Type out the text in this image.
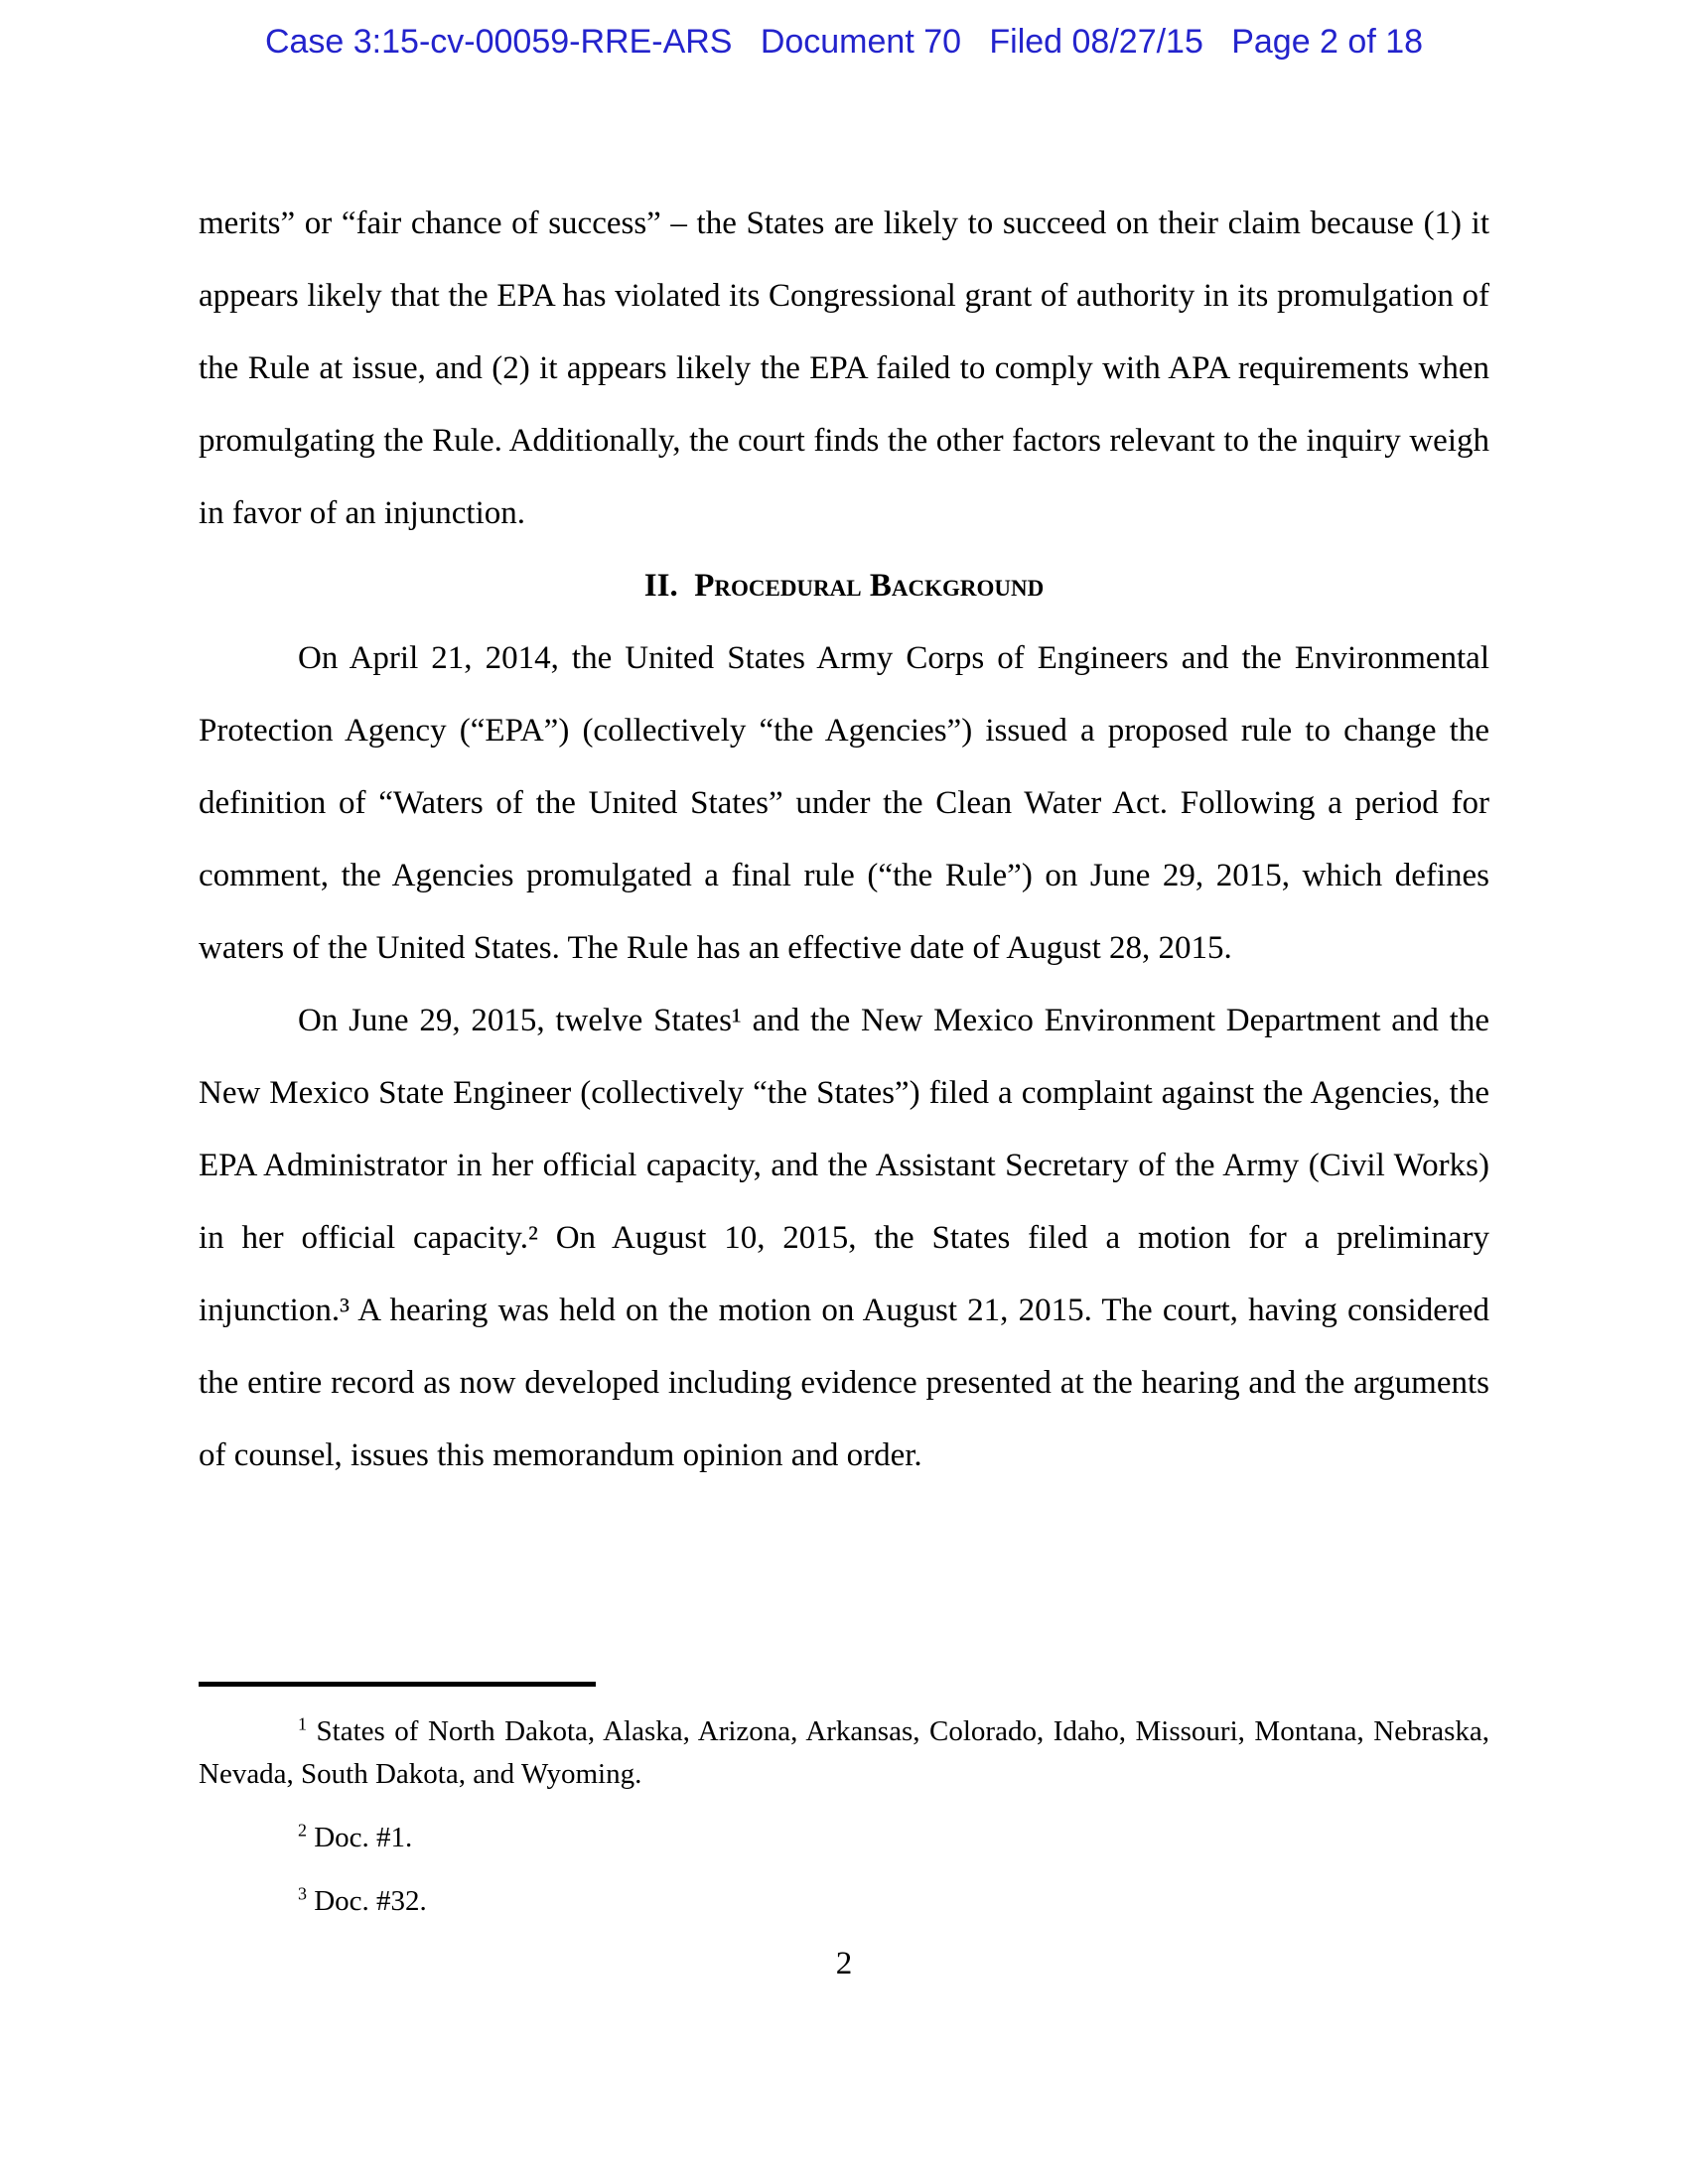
Case 3:15-cv-00059-RRE-ARS   Document 70   Filed 08/27/15   Page 2 of 18

merits” or “fair chance of success” – the States are likely to succeed on their claim because (1) it appears likely that the EPA has violated its Congressional grant of authority in its promulgation of the Rule at issue, and (2) it appears likely the EPA failed to comply with APA requirements when promulgating the Rule. Additionally, the court finds the other factors relevant to the inquiry weigh in favor of an injunction.

II.  Procedural Background

On April 21, 2014, the United States Army Corps of Engineers and the Environmental Protection Agency (“EPA”) (collectively “the Agencies”) issued a proposed rule to change the definition of “Waters of the United States” under the Clean Water Act. Following a period for comment, the Agencies promulgated a final rule (“the Rule”) on June 29, 2015, which defines waters of the United States. The Rule has an effective date of August 28, 2015.

On June 29, 2015, twelve States¹ and the New Mexico Environment Department and the New Mexico State Engineer (collectively “the States”) filed a complaint against the Agencies, the EPA Administrator in her official capacity, and the Assistant Secretary of the Army (Civil Works) in her official capacity.² On August 10, 2015, the States filed a motion for a preliminary injunction.³ A hearing was held on the motion on August 21, 2015. The court, having considered the entire record as now developed including evidence presented at the hearing and the arguments of counsel, issues this memorandum opinion and order.

$^1$ States of North Dakota, Alaska, Arizona, Arkansas, Colorado, Idaho, Missouri, Montana, Nebraska, Nevada, South Dakota, and Wyoming.

$^2$ Doc. #1.

$^3$ Doc. #32.

2
